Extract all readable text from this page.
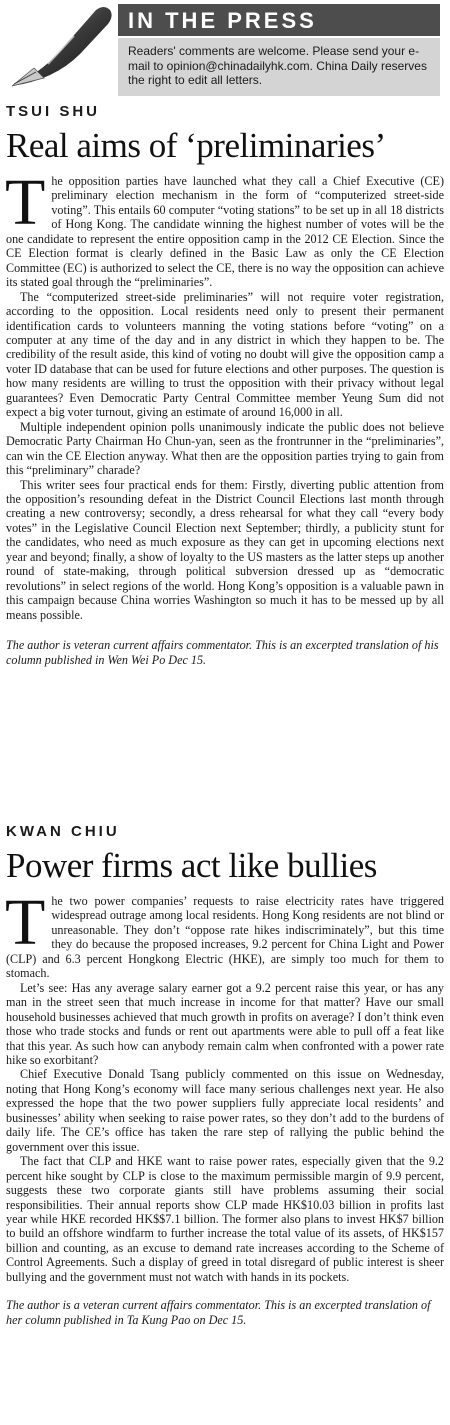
IN THE PRESS

Readers' comments are welcome. Please send your e-mail to opinion@chinadailyhk.com. China Daily reserves the right to edit all letters.

TSUI SHU

Real aims of ‘preliminaries’

The opposition parties have launched what they call a Chief Executive (CE) preliminary election mechanism in the form of “computerized street-side voting”. This entails 60 computer “voting stations” to be set up in all 18 districts of Hong Kong. The candidate winning the highest number of votes will be the one candidate to represent the entire opposition camp in the 2012 CE Election. Since the CE Election format is clearly defined in the Basic Law as only the CE Election Committee (EC) is authorized to select the CE, there is no way the opposition can achieve its stated goal through the “preliminaries”.

The “computerized street-side preliminaries” will not require voter registration, according to the opposition. Local residents need only to present their permanent identification cards to volunteers manning the voting stations before “voting” on a computer at any time of the day and in any district in which they happen to be. The credibility of the result aside, this kind of voting no doubt will give the opposition camp a voter ID database that can be used for future elections and other purposes. The question is how many residents are willing to trust the opposition with their privacy without legal guarantees? Even Democratic Party Central Committee member Yeung Sum did not expect a big voter turnout, giving an estimate of around 16,000 in all.

Multiple independent opinion polls unanimously indicate the public does not believe Democratic Party Chairman Ho Chun-yan, seen as the frontrunner in the “preliminaries”, can win the CE Election anyway. What then are the opposition parties trying to gain from this “preliminary” charade?

This writer sees four practical ends for them: Firstly, diverting public attention from the opposition’s resounding defeat in the District Council Elections last month through creating a new controversy; secondly, a dress rehearsal for what they call “every body votes” in the Legislative Council Election next September; thirdly, a publicity stunt for the candidates, who need as much exposure as they can get in upcoming elections next year and beyond; finally, a show of loyalty to the US masters as the latter steps up another round of state-making, through political subversion dressed up as “democratic revolutions” in select regions of the world. Hong Kong’s opposition is a valuable pawn in this campaign because China worries Washington so much it has to be messed up by all means possible.

The author is veteran current affairs commentator. This is an excerpted translation of his column published in Wen Wei Po Dec 15.

KWAN CHIU

Power firms act like bullies

The two power companies’ requests to raise electricity rates have triggered widespread outrage among local residents. Hong Kong residents are not blind or unreasonable. They don’t “oppose rate hikes indiscriminately”, but this time they do because the proposed increases, 9.2 percent for China Light and Power (CLP) and 6.3 percent Hongkong Electric (HKE), are simply too much for them to stomach.

Let’s see: Has any average salary earner got a 9.2 percent raise this year, or has any man in the street seen that much increase in income for that matter? Have our small household businesses achieved that much growth in profits on average? I don’t think even those who trade stocks and funds or rent out apartments were able to pull off a feat like that this year. As such how can anybody remain calm when confronted with a power rate hike so exorbitant?

Chief Executive Donald Tsang publicly commented on this issue on Wednesday, noting that Hong Kong’s economy will face many serious challenges next year. He also expressed the hope that the two power suppliers fully appreciate local residents’ and businesses’ ability when seeking to raise power rates, so they don’t add to the burdens of daily life. The CE’s office has taken the rare step of rallying the public behind the government over this issue.

The fact that CLP and HKE want to raise power rates, especially given that the 9.2 percent hike sought by CLP is close to the maximum permissible margin of 9.9 percent, suggests these two corporate giants still have problems assuming their social responsibilities. Their annual reports show CLP made HK$10.03 billion in profits last year while HKE recorded HK$$7.1 billion. The former also plans to invest HK$7 billion to build an offshore windfarm to further increase the total value of its assets, of HK$157 billion and counting, as an excuse to demand rate increases according to the Scheme of Control Agreements. Such a display of greed in total disregard of public interest is sheer bullying and the government must not watch with hands in its pockets.

The author is a veteran current affairs commentator. This is an excerpted translation of her column published in Ta Kung Pao on Dec 15.
